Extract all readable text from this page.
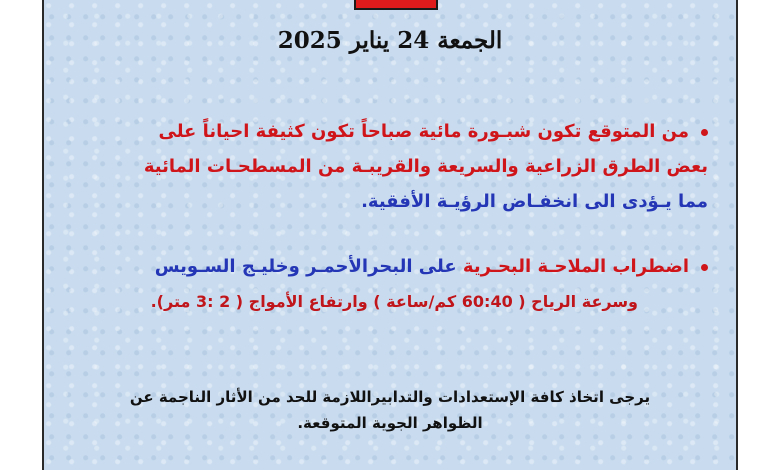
الجمعة 24 يناير 2025
من المتوقع تكون شبـورة مائية صباحاً تكون كثيفة احياناً على
بعض الطرق الزراعية والسريعة والقريبـة من المسطحـات المائية
مما يـؤدى الى انخفـاض الرؤيـة الأفقية.
اضطراب الملاحـة البحـرية على البحرالأحمـر وخليـج السـويس
وسرعة الرياح ( 60:40 كم/ساعة ) وارتفاع الأمواج ( 2 :3 متر).
يرجى اتخاذ كافة الإستعدادات والتدابيراللازمة للحد من الأثار الناجمة عن
الظواهر الجوية المتوقعة.
